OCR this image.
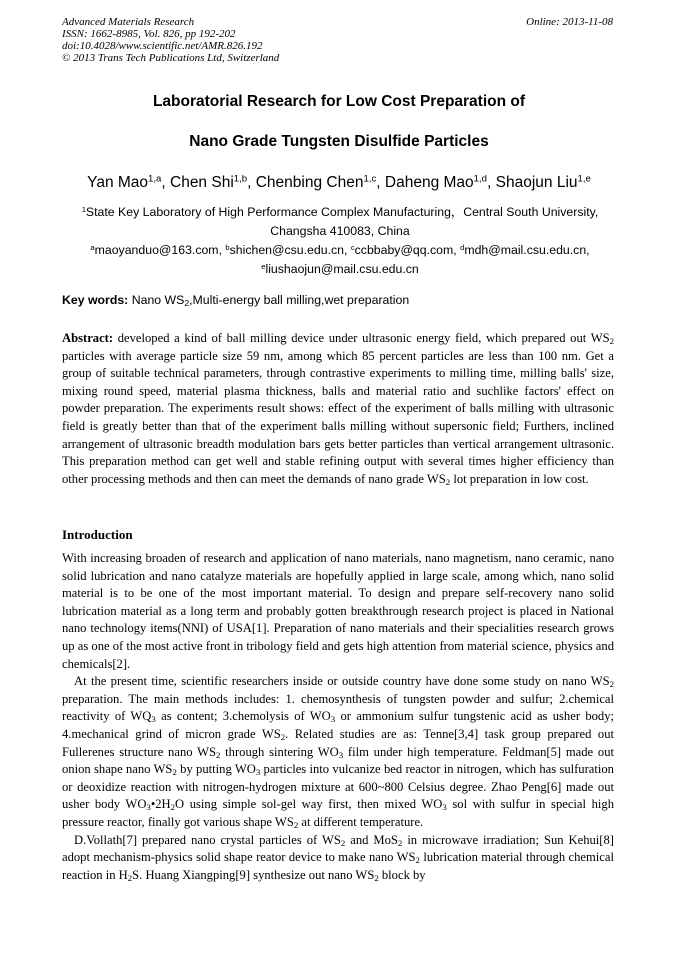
Advanced Materials Research
ISSN: 1662-8985, Vol. 826, pp 192-202
doi:10.4028/www.scientific.net/AMR.826.192
© 2013 Trans Tech Publications Ltd, Switzerland
Online: 2013-11-08
Laboratorial Research for Low Cost Preparation of
Nano Grade Tungsten Disulfide Particles
Yan Mao$^{1,a}$, Chen Shi$^{1,b}$, Chenbing Chen$^{1,c}$, Daheng Mao$^{1,d}$, Shaojun Liu$^{1,e}$
$^1$State Key Laboratory of High Performance Complex Manufacturing，Central South University,
Changsha 410083, China
$^a$maoyanduo@163.com, $^b$shichen@csu.edu.cn, $^c$ccbbaby@qq.com, $^d$mdh@mail.csu.edu.cn,
$^e$liushaojun@mail.csu.edu.cn
Key words: Nano $WS_2,Multi$-energy ball milling,wet preparation

Abstract: developed a kind of ball milling device under ultrasonic energy field, which prepared out $WS_2$ particles with average particle size 59 nm, among which 85 percent particles are less than 100 nm. Get a group of suitable technical parameters, through contrastive experiments to milling time, milling balls' size, mixing round speed, material plasma thickness, balls and material ratio and suchlike factors' effect on powder preparation. The experiments result shows: effect of the experiment of balls milling with ultrasonic field is greatly better than that of the experiment balls milling without supersonic field; Furthers, inclined arrangement of ultrasonic breadth modulation bars gets better particles than vertical arrangement ultrasonic. This preparation method can get well and stable refining output with several times higher efficiency than other processing methods and then can meet the demands of nano grade $WS_2$ lot preparation in low cost.

Introduction

With increasing broaden of research and application of nano materials, nano magnetism, nano ceramic, nano solid lubrication and nano catalyze materials are hopefully applied in large scale, among which, nano solid material is to be one of the most important material. To design and prepare self-recovery nano solid lubrication material as a long term and probably gotten breakthrough research project is placed in National nano technology items(NNI) of USA[1]. Preparation of nano materials and their specialities research grows up as one of the most active front in tribology field and gets high attention from material science, physics and chemicals[2].

At the present time, scientific researchers inside or outside country have done some study on nano $WS_2$ preparation. The main methods includes: 1. chemosynthesis of tungsten powder and sulfur; 2.chemical reactivity of $WQ_3$ as content; 3.chemolysis of $WO_3$ or ammonium sulfur tungstenic acid as usher body; 4.mechanical grind of micron grade $WS_2$. Related studies are as: Tenne[3,4] task group prepared out Fullerenes structure nano $WS_2$ through sintering $WO_3$ film under high temperature. Feldman[5] made out onion shape nano $WS_2$ by putting $WO_3$ particles into vulcanize bed reactor in nitrogen, which has sulfuration or deoxidize reaction with nitrogen-hydrogen mixture at 600~800 Celsius degree. Zhao Peng[6] made out usher body $WO_3•2H_2O$ using simple sol-gel way first, then mixed $WO_3$ sol with sulfur in special high pressure reactor, finally got various shape $WS_2$ at different temperature.

D.Vollath[7] prepared nano crystal particles of $WS_2$ and MoS$_2$ in microwave irradiation; Sun Kehui[8] adopt mechanism-physics solid shape reator device to make nano $WS_2$ lubrication material through chemical reaction in $H_2S$. Huang Xiangping[9] synthesize out nano $WS_2$ block by
